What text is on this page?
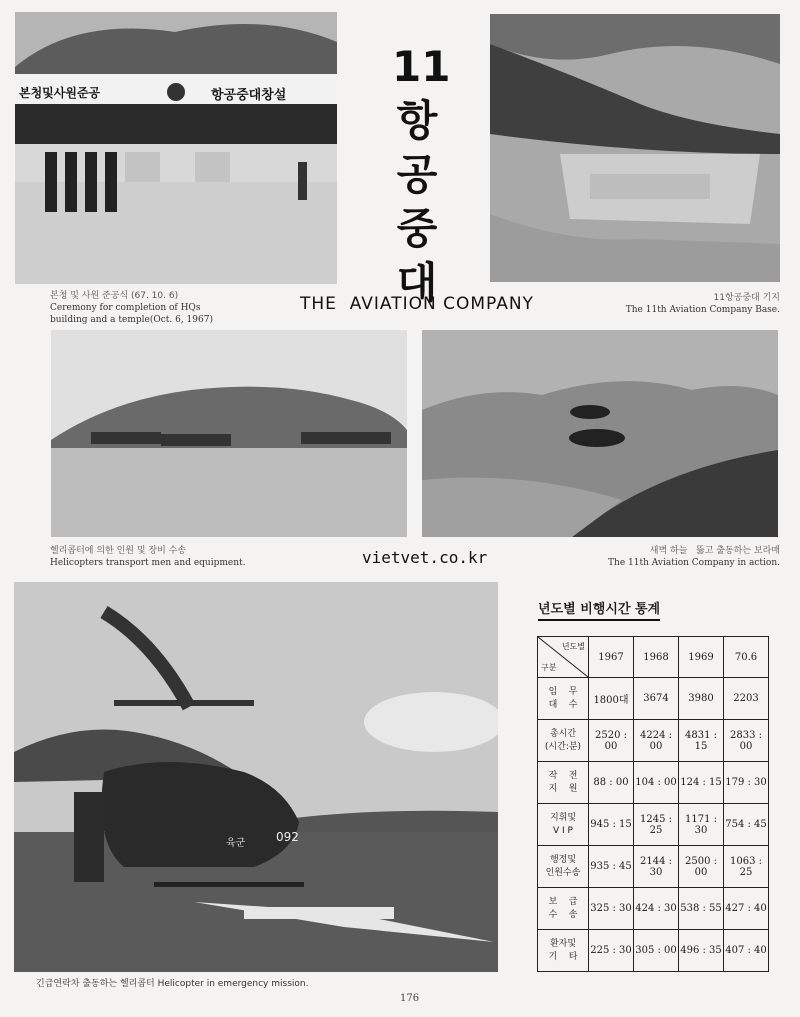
본청및사원준공	항공중대창설
11
항
공
중
대
본청 및 사원 준공식 (67. 10. 6)
Ceremony for completion of HQs
building and a temple(Oct. 6, 1967)
THE  AVIATION COMPANY	11항공중대 기지
The 11th Aviation Company Base.
헬리콥터에 의한 인원 및 장비 수송
Helicopters transport men and equipment.	vietvet.co.kr	새벽 하늘   뚫고 출동하는 보라매
The 11th Aviation Company in action.
육군	092
긴급연락차 출동하는 헬리콥터 Helicopter in emergency mission.
년도별 비행시간 통계
년도별
구분	1967	1968	1969	70.6
임    무
대    수	1800대	3674	3980	2203
총시간
(시간:분)	2520 : 00	4224 : 00	4831 : 15	2833 : 00
작    전
지    원	88 : 00	104 : 00	124 : 15	179 : 30
지휘및
V I P	945 : 15	1245 : 25	1171 : 30	754 : 45
행정및
인원수송	935 : 45	2144 : 30	2500 : 00	1063 : 25
보    급
수    송	325 : 30	424 : 30	538 : 55	427 : 40
환자및
기    타	225 : 30	305 : 00	496 : 35	407 : 40
176
